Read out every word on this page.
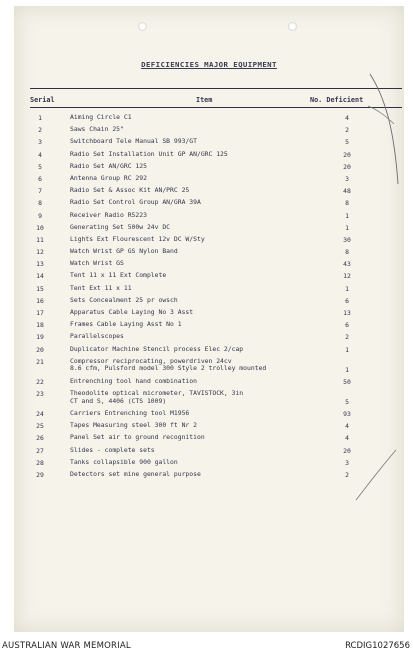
DEFICIENCIES MAJOR EQUIPMENT
Serial	Item	No. Deficient
1	Aiming Circle C1	4
2	Saws Chain 25"	2
3	Switchboard Tele Manual SB 993/GT	5
4	Radio Set Installation Unit GP AN/GRC 125	20
5	Radio Set AN/GRC 125	20
6	Antenna Group RC 292	3
7	Radio Set & Assoc Kit AN/PRC 25	48
8	Radio Set Control Group AN/GRA 39A	8
9	Receiver Radio R5223	1
10	Generating Set 500w 24v DC	1
11	Lights Ext Flourescent 12v DC W/Sty	30
12	Watch Wrist GP GS Nylon Band	8
13	Watch Wrist GS	43
14	Tent 11 x 11 Ext Complete	12
15	Tent Ext 11 x 11	1
16	Sets Concealment 25 pr owsch	6
17	Apparatus Cable Laying No 3 Asst	13
18	Frames Cable Laying Asst No 1	6
19	Parallelscopes	2
20	Duplicator Machine Stencil process Elec 2/cap	1
21	Compressor reciprocating, powerdriven 24cv
8.6 cfm, Pulsford model 300 Style 2 trolley mounted	1
22	Entrenching tool hand combination	50
23	Theodolite optical micrometer, TAVISTOCK, 3in
CT and S, 4406 (CTS 1009)	5
24	Carriers Entrenching tool M1956	93
25	Tapes Measuring steel 300 ft Nr 2	4
26	Panel Set air to ground recognition	4
27	Slides - complete sets	20
28	Tanks collapsible 900 gallon	3
29	Detectors set mine general purpose	2
AUSTRALIAN WAR MEMORIAL	RCDIG1027656
